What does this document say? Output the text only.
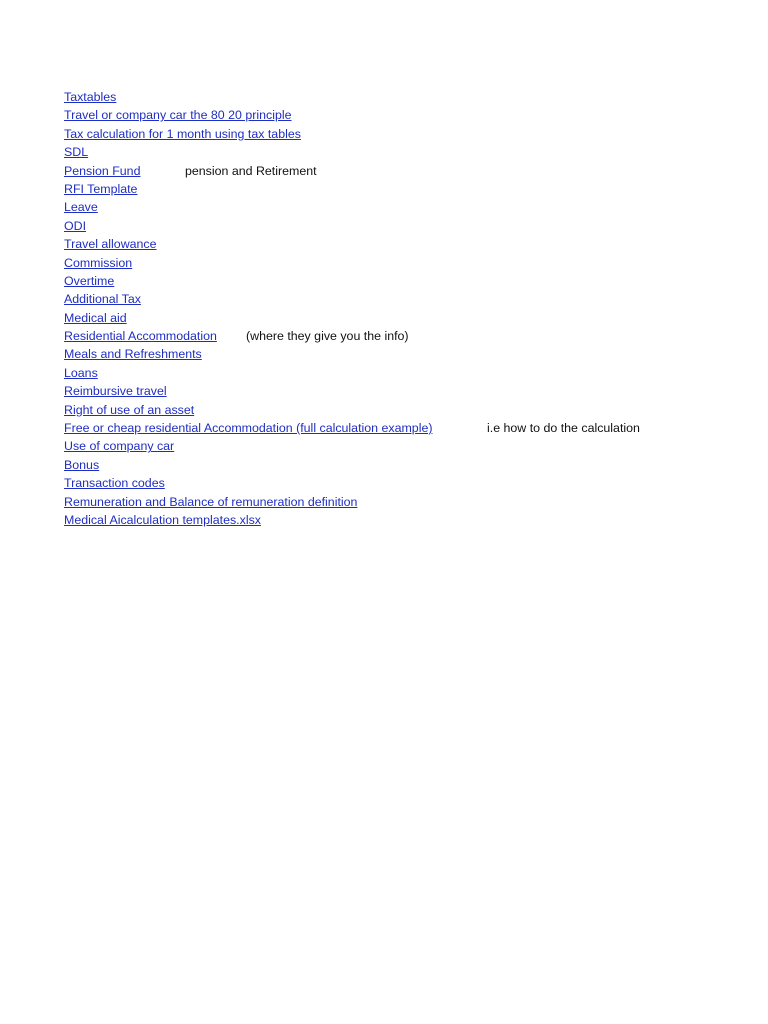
Taxtables
Travel or company car the 80 20 principle
Tax calculation for 1 month using tax tables
SDL
Pension Fund	pension and Retirement
RFI Template
Leave
ODI
Travel allowance
Commission
Overtime
Additional Tax
Medical aid
Residential Accommodation (where they give you the info)
Meals and Refreshments
Loans
Reimbursive travel
Right of use of an asset
Free or cheap residential Accommodation (full calculation example)	i.e how to do the calculation
Use of company car
Bonus
Transaction codes
Remuneration and Balance of remuneration definition
Medical Aicalculation templates.xlsx
